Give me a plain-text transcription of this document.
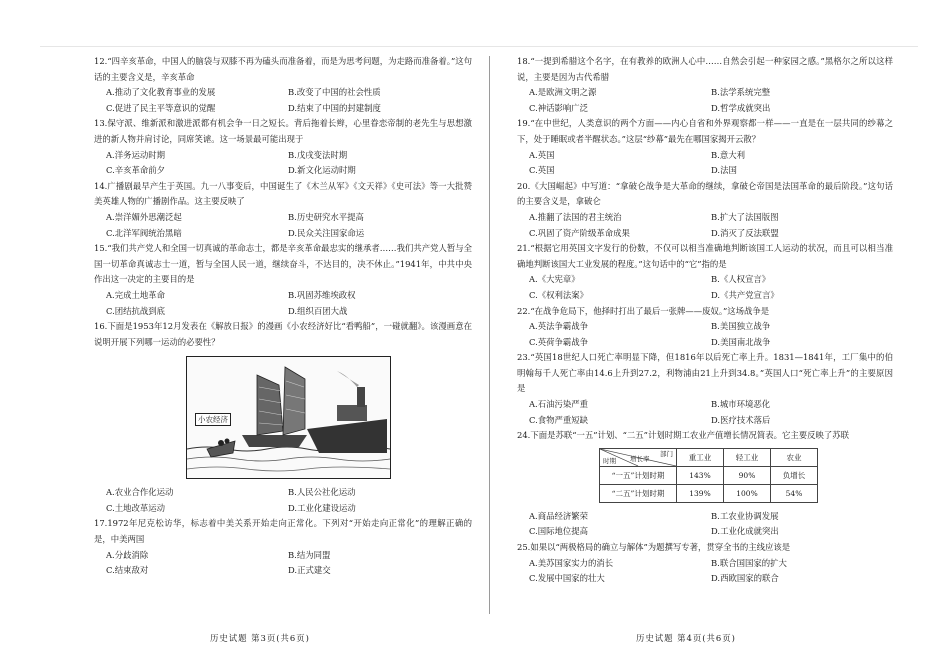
12.“四辛亥革命，中国人的脑袋与双膝不再为磕头而准备着，而是为思考问题，为走路而准备着。”这句话的主要含义是，辛亥革命
A.推动了文化教育事业的发展	B.改变了中国的社会性质
C.促进了民主平等意识的觉醒	D.结束了中国的封建制度
13.保守派、维新派和激进派都有机会争一日之短长。背后拖着长辫，心里眷恋帝制的老先生与思想激进的新人物并肩讨论，同席笑谑。这一场景最可能出现于
A.洋务运动时期	B.戊戌变法时期
C.辛亥革命前夕	D.新文化运动时期
14.广播剧最早产生于英国。九一八事变后，中国诞生了《木兰从军》《文天祥》《史可法》等一大批赞美英雄人物的广播剧作品。这主要反映了
A.崇洋媚外思潮泛起	B.历史研究水平提高
C.北洋军阀统治黑暗	D.民众关注国家命运
15.“我们共产党人和全国一切真诚的革命志士，都是辛亥革命最忠实的继承者……我们共产党人暂与全国一切革命真诚志士一道，暂与全国人民一道，继续奋斗，不达目的，决不休止。”1941年，中共中央作出这一决定的主要目的是
A.完成土地革命	B.巩固苏维埃政权
C.团结抗战到底	D.组织百团大战
16.下面是1953年12月发表在《解放日报》的漫画《小农经济好比“看鸭船”，一碰就翻》。该漫画意在说明开展下列哪一运动的必要性？
小农经济
A.农业合作化运动	B.人民公社化运动
C.土地改革运动	D.工业化建设运动
17.1972年尼克松访华，标志着中美关系开始走向正常化。下列对“开始走向正常化”的理解正确的是，中美两国
A.分歧消除	B.结为同盟
C.结束敌对	D.正式建交
18.“一提到希腊这个名字，在有教养的欧洲人心中……自然会引起一种家园之感。”黑格尔之所以这样说，主要是因为古代希腊
A.是欧洲文明之源	B.法学系统完整
C.神话影响广泛	D.哲学成就突出
19.“在中世纪，人类意识的两个方面——内心自省和外界观察都一样——一直是在一层共同的纱幕之下，处于睡眠或者半醒状态。”这层“纱幕”最先在哪国家揭开云散？
A.英国	B.意大利
C.英国	D.法国
20.《大国崛起》中写道：“拿破仑战争是大革命的继续，拿破仑帝国是法国革命的最后阶段。”这句话的主要含义是，拿破仑
A.推翻了法国的君主统治	B.扩大了法国版图
C.巩固了资产阶级革命成果	D.消灭了反法联盟
21.“根据它用英国文字发行的份数，不仅可以相当准确地判断该国工人运动的状况，而且可以相当准确地判断该国大工业发展的程度。”这句话中的“它”指的是
A.《大宪章》	B.《人权宣言》
C.《权利法案》	D.《共产党宣言》
22.“在战争危局下，他择时打出了最后一张牌——废奴。”这场战争是
A.英法争霸战争	B.美国独立战争
C.英荷争霸战争	D.美国南北战争
23.“英国18世纪人口死亡率明显下降，但1816年以后死亡率上升。1831—1841年，工厂集中的伯明翰每千人死亡率由14.6上升到27.2，利物浦由21上升到34.8。”英国人口“死亡率上升”的主要原因是
A.石油污染严重	B.城市环境恶化
C.食物严重短缺	D.医疗技术落后
24.下面是苏联“一五”计划、“二五”计划时期工农业产值增长情况简表。它主要反映了苏联
部门
增长率
时期	重工业	轻工业	农业
“一五”计划时期	143%	90%	负增长
“二五”计划时期	139%	100%	54%
A.商品经济繁荣	B.工农业协调发展
C.国际地位提高	D.工业化成就突出
25.如果以“两极格局的确立与解体”为题撰写专著，贯穿全书的主线应该是
A.美苏国家实力的消长	B.联合国国家的扩大
C.发展中国家的壮大	D.西欧国家的联合
历史试题 第3页(共6页)	历史试题 第4页(共6页)
